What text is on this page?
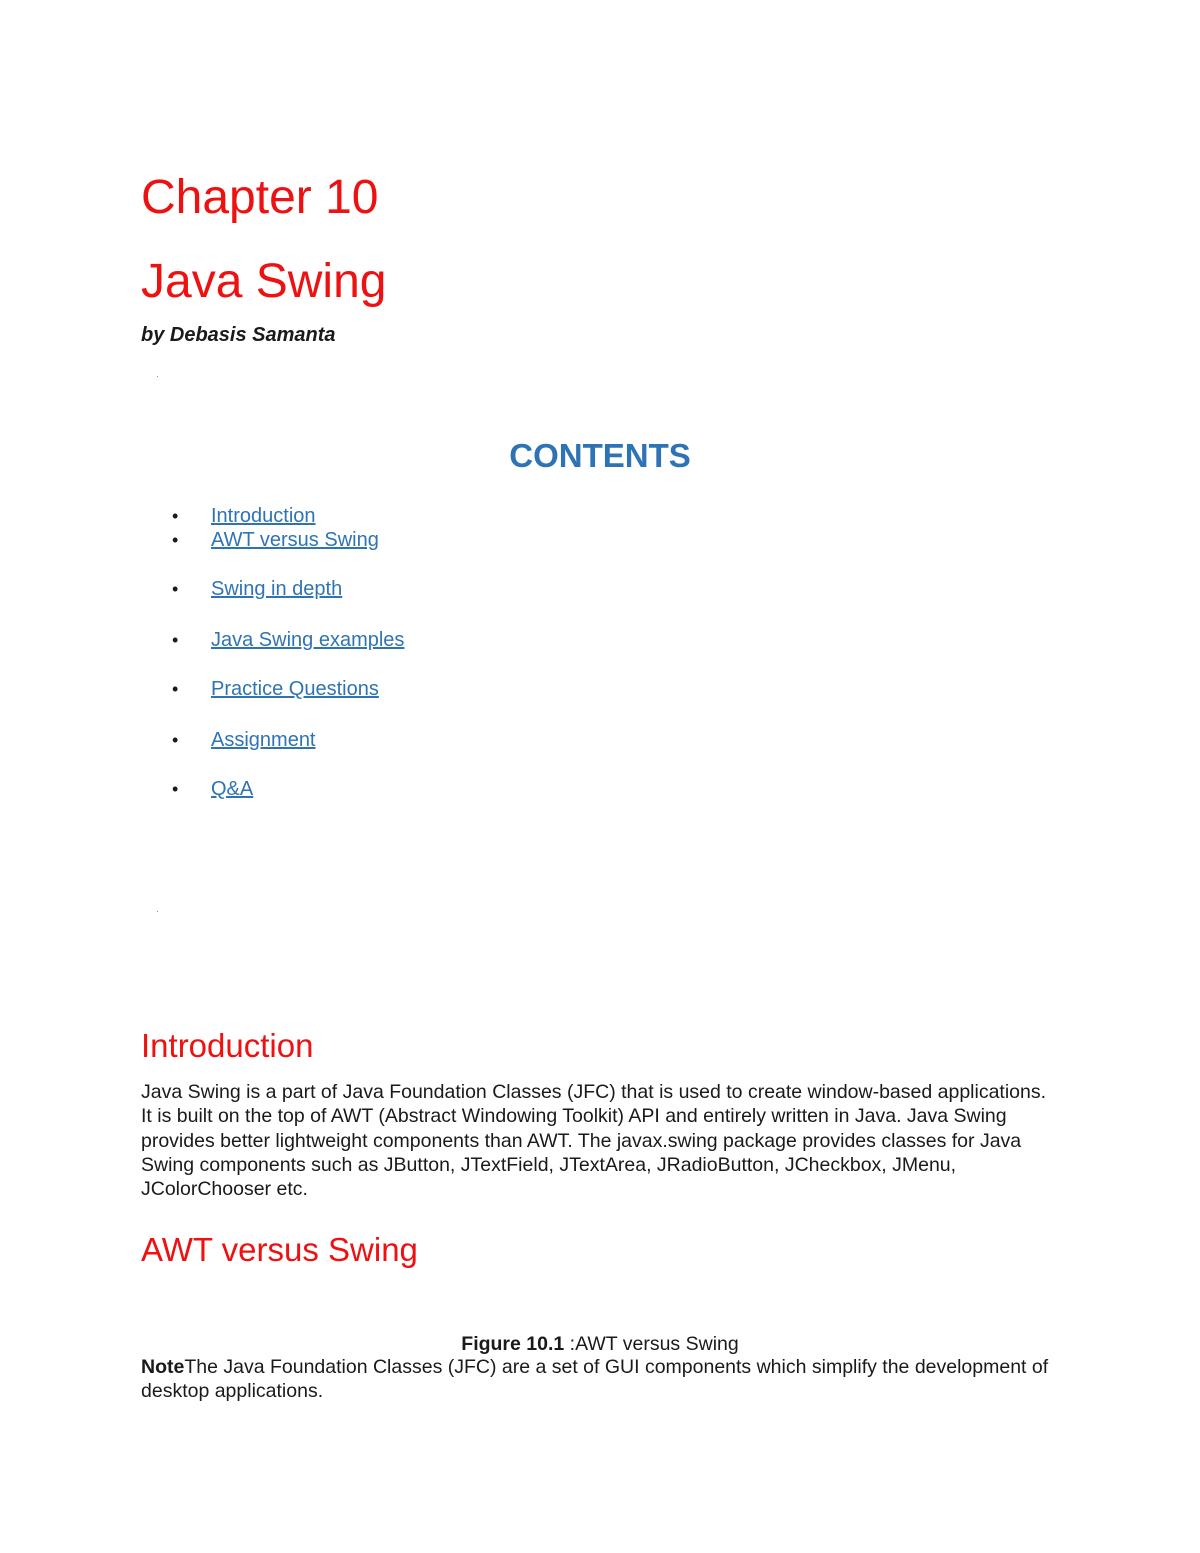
Chapter 10
Java Swing

by Debasis Samanta

.
CONTENTS
• Introduction
• AWT versus Swing
• Swing in depth
• Java Swing examples
• Practice Questions
• Assignment
• Q&A
.
Introduction

Java Swing is a part of Java Foundation Classes (JFC) that is used to create window-based applications. It is built on the top of AWT (Abstract Windowing Toolkit) API and entirely written in Java. Java Swing provides better lightweight components than AWT. The javax.swing package provides classes for Java Swing components such as JButton, JTextField, JTextArea, JRadioButton, JCheckbox, JMenu, JColorChooser etc.

AWT versus Swing

Figure 10.1 :AWT versus Swing

NoteThe Java Foundation Classes (JFC) are a set of GUI components which simplify the development of desktop applications.
